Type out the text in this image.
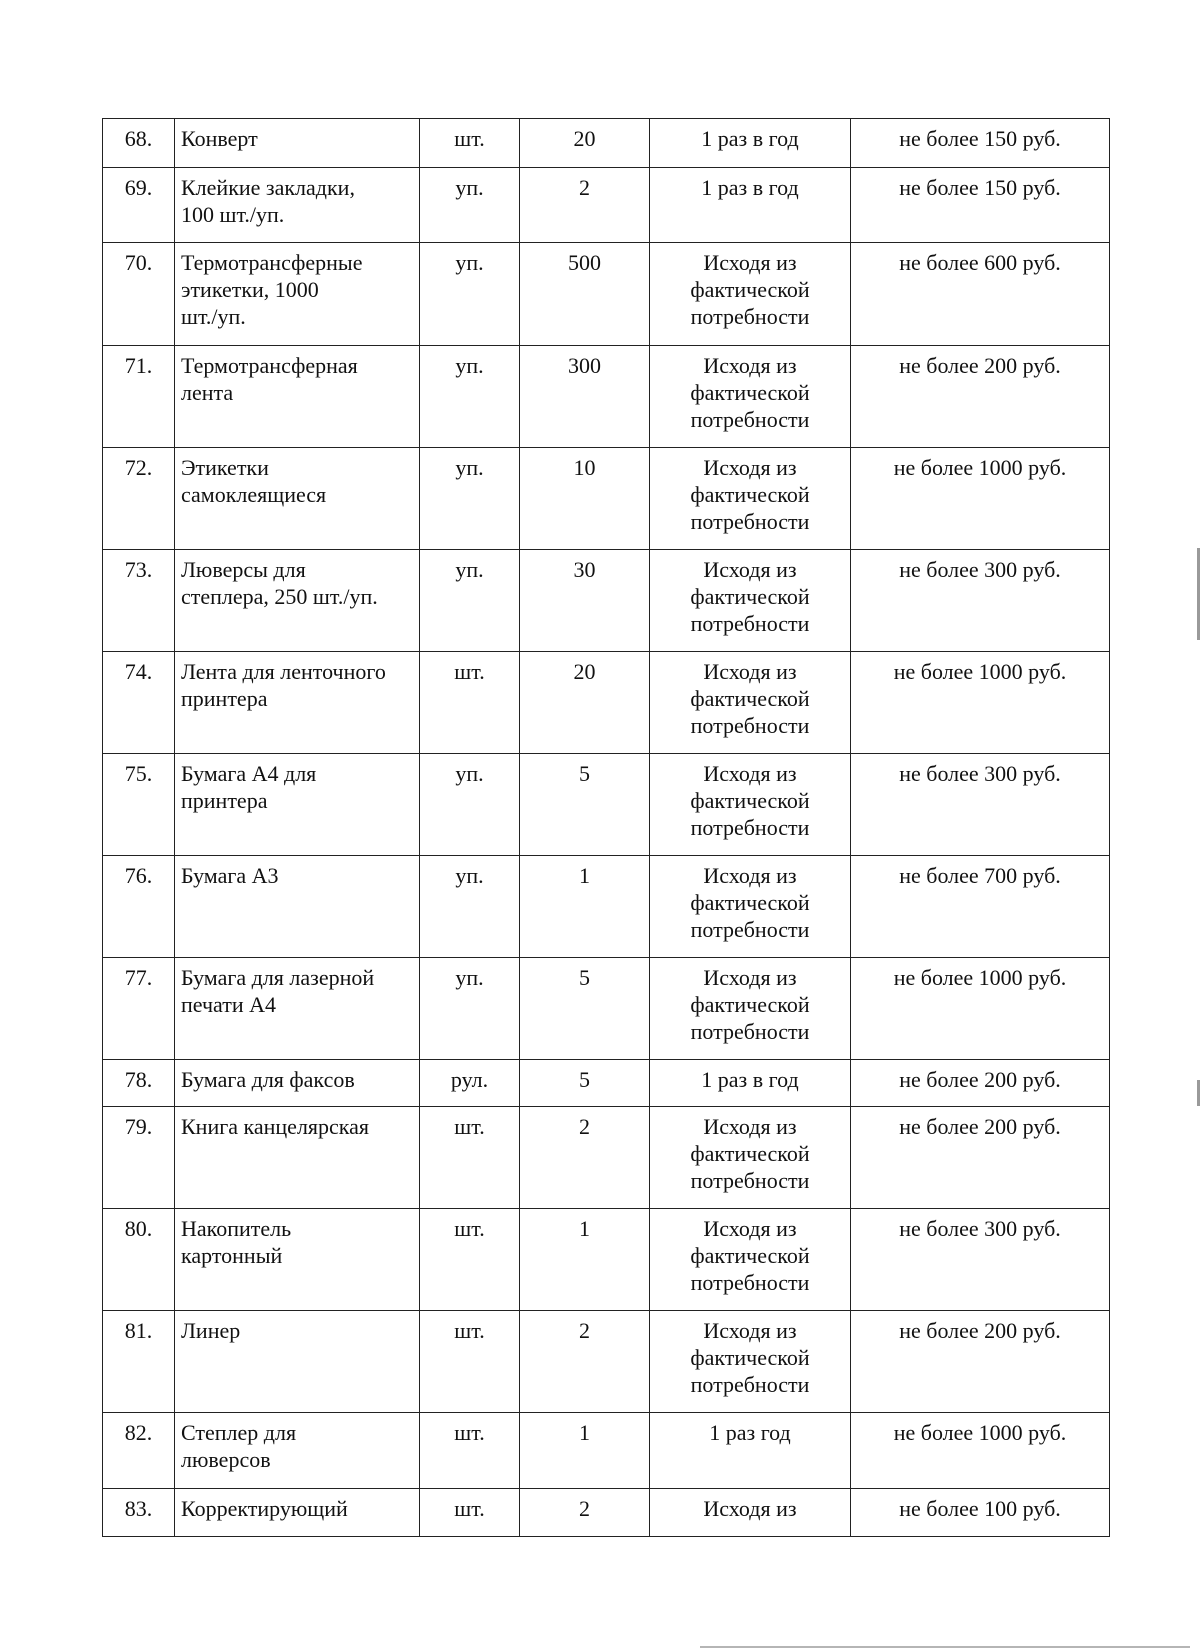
68.	Конверт	шт.	20	1 раз в год	не более 150 руб.
69.	Клейкие закладки,
100 шт./уп.	уп.	2	1 раз в год	не более 150 руб.
70.	Термотрансферные
этикетки, 1000
шт./уп.	уп.	500	Исходя из
фактической
потребности	не более 600 руб.
71.	Термотрансферная
лента	уп.	300	Исходя из
фактической
потребности	не более 200 руб.
72.	Этикетки
самоклеящиеся	уп.	10	Исходя из
фактической
потребности	не более 1000 руб.
73.	Люверсы для
степлера, 250 шт./уп.	уп.	30	Исходя из
фактической
потребности	не более 300 руб.
74.	Лента для ленточного
принтера	шт.	20	Исходя из
фактической
потребности	не более 1000 руб.
75.	Бумага А4 для
принтера	уп.	5	Исходя из
фактической
потребности	не более 300 руб.
76.	Бумага А3	уп.	1	Исходя из
фактической
потребности	не более 700 руб.
77.	Бумага для лазерной
печати А4	уп.	5	Исходя из
фактической
потребности	не более 1000 руб.
78.	Бумага для факсов	рул.	5	1 раз в год	не более 200 руб.
79.	Книга канцелярская	шт.	2	Исходя из
фактической
потребности	не более 200 руб.
80.	Накопитель
картонный	шт.	1	Исходя из
фактической
потребности	не более 300 руб.
81.	Линер	шт.	2	Исходя из
фактической
потребности	не более 200 руб.
82.	Степлер для
люверсов	шт.	1	1 раз год	не более 1000 руб.
83.	Корректирующий	шт.	2	Исходя из	не более 100 руб.
